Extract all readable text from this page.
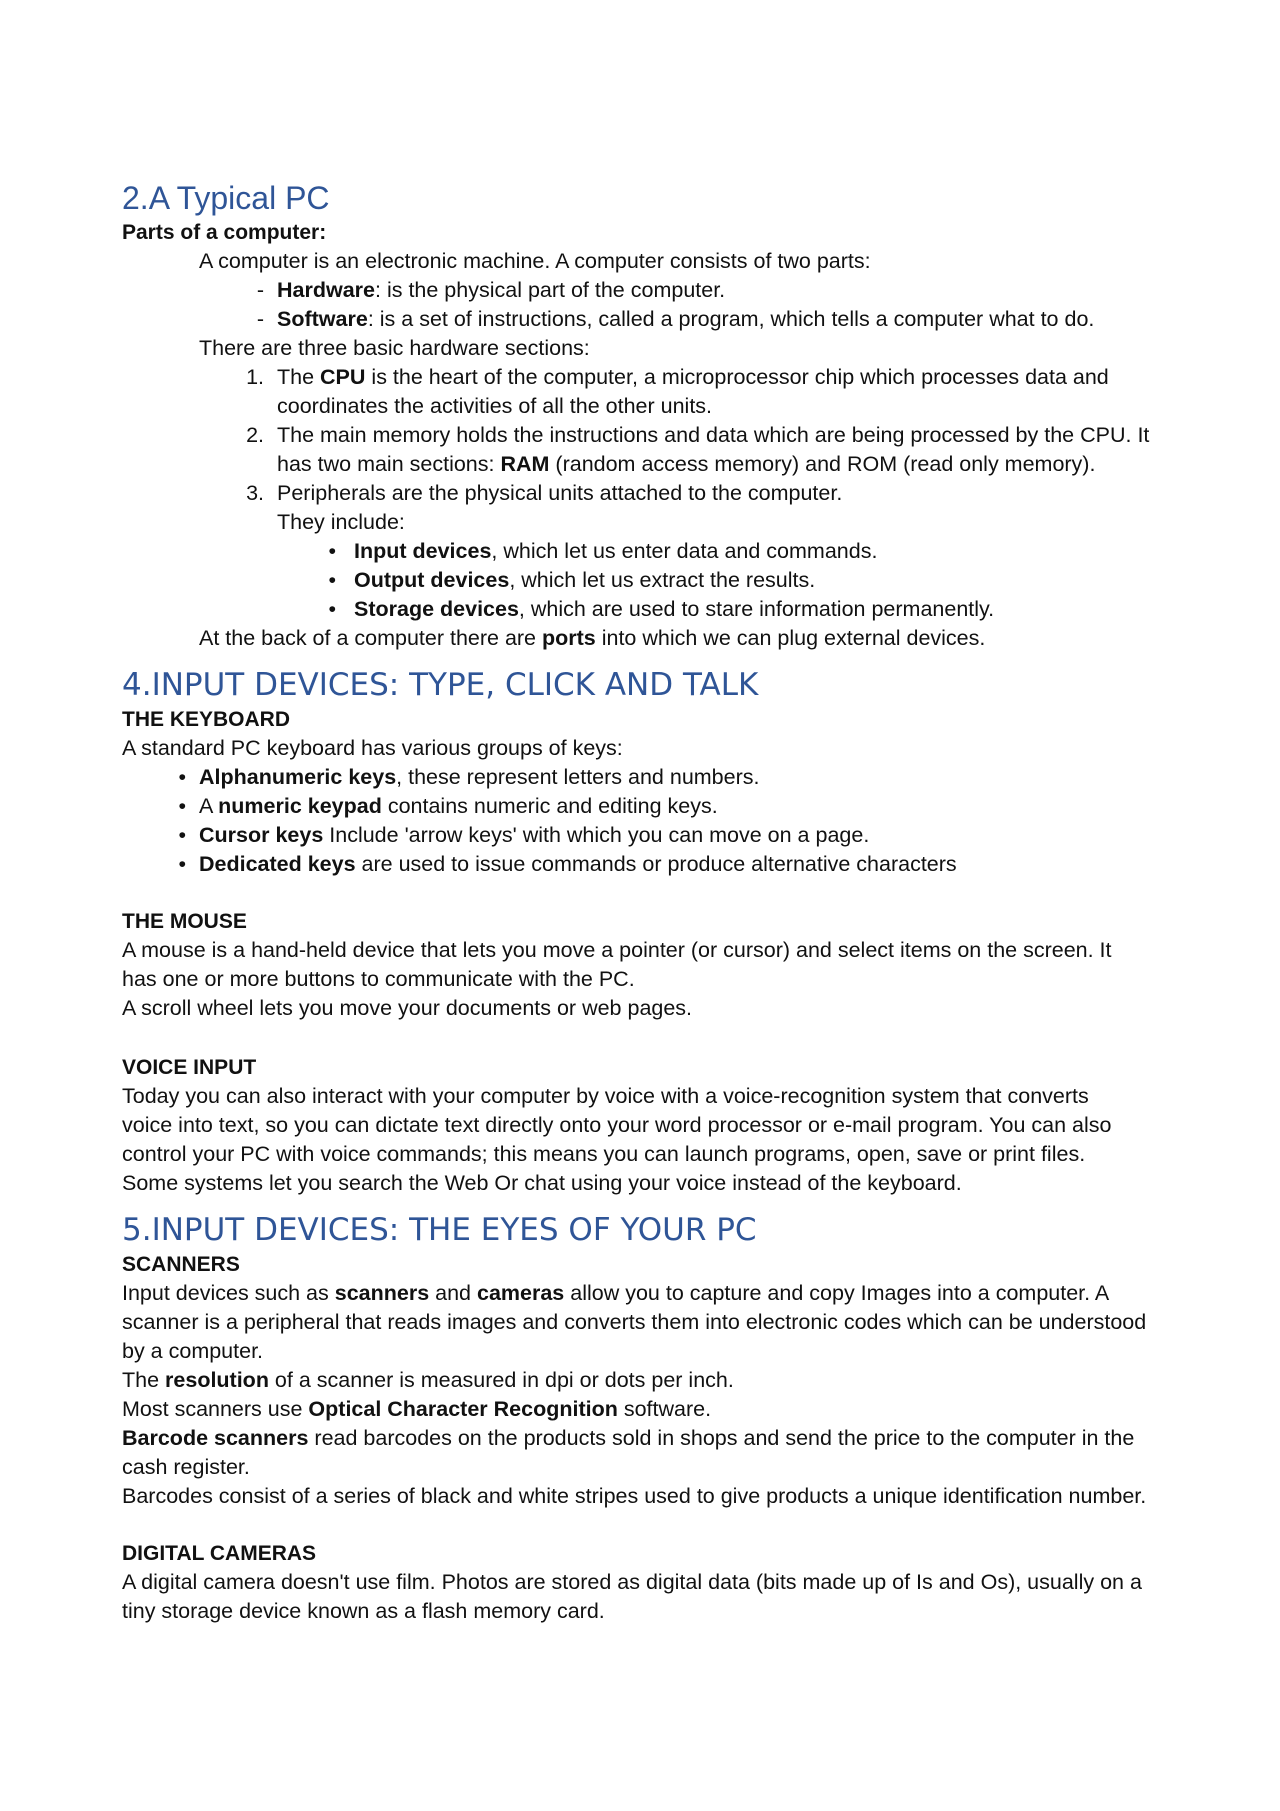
2.A Typical PC
Parts of a computer:
A computer is an electronic machine. A computer consists of two parts:
- Hardware: is the physical part of the computer.
- Software: is a set of instructions, called a program, which tells a computer what to do.
There are three basic hardware sections:
1. The CPU is the heart of the computer, a microprocessor chip which processes data and
coordinates the activities of all the other units.
2. The main memory holds the instructions and data which are being processed by the CPU. It
has two main sections: RAM (random access memory) and ROM (read only memory).
3. Peripherals are the physical units attached to the computer.
They include:
• Input devices, which let us enter data and commands.
• Output devices, which let us extract the results.
• Storage devices, which are used to stare information permanently.
At the back of a computer there are ports into which we can plug external devices.
4.INPUT DEVICES: TYPE, CLICK AND TALK
THE KEYBOARD
A standard PC keyboard has various groups of keys:
• Alphanumeric keys, these represent letters and numbers.
• A numeric keypad contains numeric and editing keys.
• Cursor keys Include 'arrow keys' with which you can move on a page.
• Dedicated keys are used to issue commands or produce alternative characters
THE MOUSE
A mouse is a hand-held device that lets you move a pointer (or cursor) and select items on the screen. It
has one or more buttons to communicate with the PC.
A scroll wheel lets you move your documents or web pages.
VOICE INPUT
Today you can also interact with your computer by voice with a voice-recognition system that converts
voice into text, so you can dictate text directly onto your word processor or e-mail program. You can also
control your PC with voice commands; this means you can launch programs, open, save or print files.
Some systems let you search the Web Or chat using your voice instead of the keyboard.
5.INPUT DEVICES: THE EYES OF YOUR PC
SCANNERS
Input devices such as scanners and cameras allow you to capture and copy Images into a computer. A
scanner is a peripheral that reads images and converts them into electronic codes which can be understood
by a computer.
The resolution of a scanner is measured in dpi or dots per inch.
Most scanners use Optical Character Recognition software.
Barcode scanners read barcodes on the products sold in shops and send the price to the computer in the
cash register.
Barcodes consist of a series of black and white stripes used to give products a unique identification number.
DIGITAL CAMERAS
A digital camera doesn't use film. Photos are stored as digital data (bits made up of Is and Os), usually on a
tiny storage device known as a flash memory card.
